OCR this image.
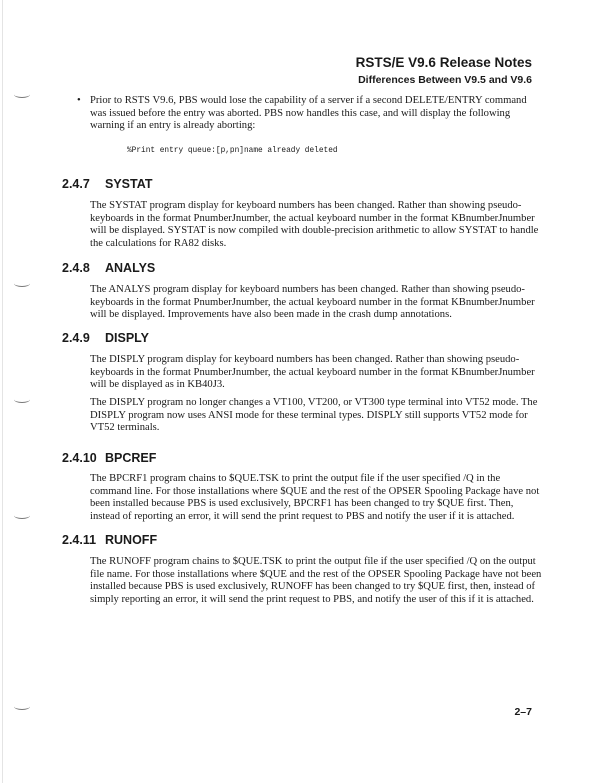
RSTS/E V9.6 Release Notes
Differences Between V9.5 and V9.6
• Prior to RSTS V9.6, PBS would lose the capability of a server if a second DELETE/ENTRY command was issued before the entry was aborted. PBS now handles this case, and will display the following warning if an entry is already aborting:
%Print entry queue:[p,pn]name already deleted
2.4.7 SYSTAT

The SYSTAT program display for keyboard numbers has been changed. Rather than showing pseudo-keyboards in the format PnumberJnumber, the actual keyboard number in the format KBnumberJnumber will be displayed. SYSTAT is now compiled with double-precision arithmetic to allow SYSTAT to handle the calculations for RA82 disks.

2.4.8 ANALYS

The ANALYS program display for keyboard numbers has been changed. Rather than showing pseudo-keyboards in the format PnumberJnumber, the actual keyboard number in the format KBnumberJnumber will be displayed. Improvements have also been made in the crash dump annotations.

2.4.9 DISPLY

The DISPLY program display for keyboard numbers has been changed. Rather than showing pseudo-keyboards in the format PnumberJnumber, the actual keyboard number in the format KBnumberJnumber will be displayed as in KB40J3.

The DISPLY program no longer changes a VT100, VT200, or VT300 type terminal into VT52 mode. The DISPLY program now uses ANSI mode for these terminal types. DISPLY still supports VT52 mode for VT52 terminals.

2.4.10 BPCREF

The BPCRF1 program chains to $QUE.TSK to print the output file if the user specified /Q in the command line. For those installations where $QUE and the rest of the OPSER Spooling Package have not been installed because PBS is used exclusively, BPCRF1 has been changed to try $QUE first. Then, instead of reporting an error, it will send the print request to PBS and notify the user if it is attached.

2.4.11 RUNOFF

The RUNOFF program chains to $QUE.TSK to print the output file if the user specified /Q on the output file name. For those installations where $QUE and the rest of the OPSER Spooling Package have not been installed because PBS is used exclusively, RUNOFF has been changed to try $QUE first, then, instead of simply reporting an error, it will send the print request to PBS, and notify the user of this if it is attached.

2–7
